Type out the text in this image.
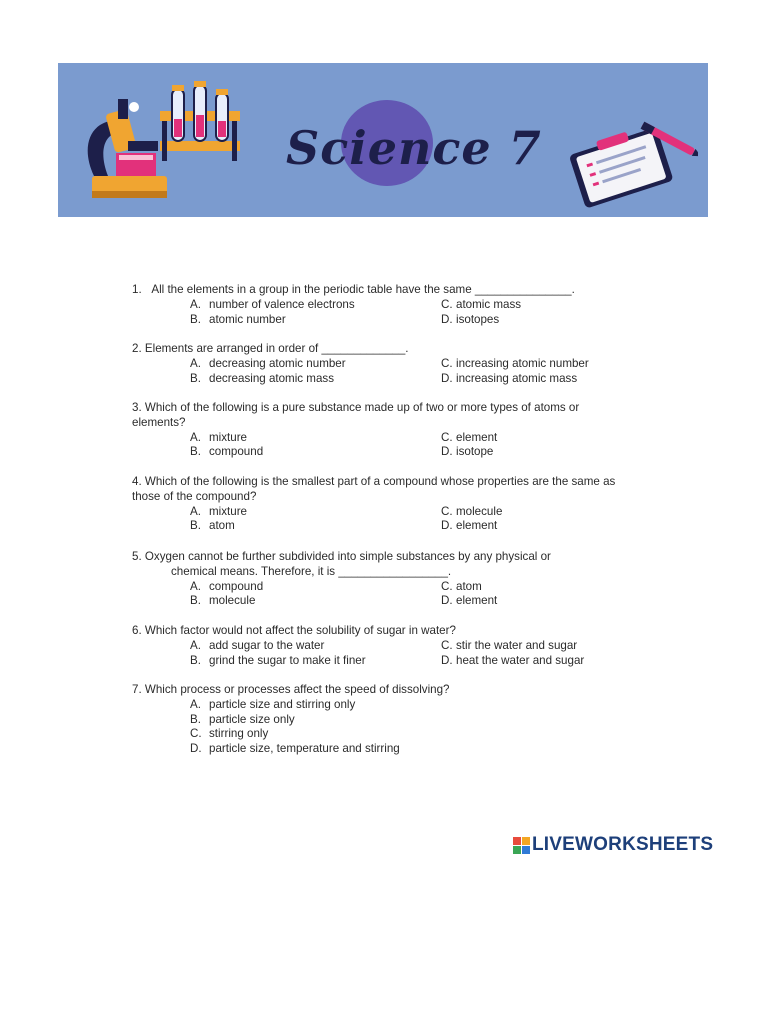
Science 7
1. All the elements in a group in the periodic table have the same _______________.
A. number of valence electrons	C. atomic mass
B. atomic number	D. isotopes
2. Elements are arranged in order of _____________.
A. decreasing atomic number	C. increasing atomic number
B. decreasing atomic mass	D. increasing atomic mass
3. Which of the following is a pure substance made up of two or more types of atoms or elements?
A. mixture	C. element
B. compound	D. isotope
4. Which of the following is the smallest part of a compound whose properties are the same as those of the compound?
A. mixture	C. molecule
B. atom	D. element
5. Oxygen cannot be further subdivided into simple substances by any physical or
chemical means. Therefore, it is _________________.
A. compound	C. atom
B. molecule	D. element
6. Which factor would not affect the solubility of sugar in water?
A. add sugar to the water	C. stir the water and sugar
B. grind the sugar to make it finer	D. heat the water and sugar
7. Which process or processes affect the speed of dissolving?
A. particle size and stirring only
B. particle size only
C. stirring only
D. particle size, temperature and stirring
LIVEWORKSHEETS
